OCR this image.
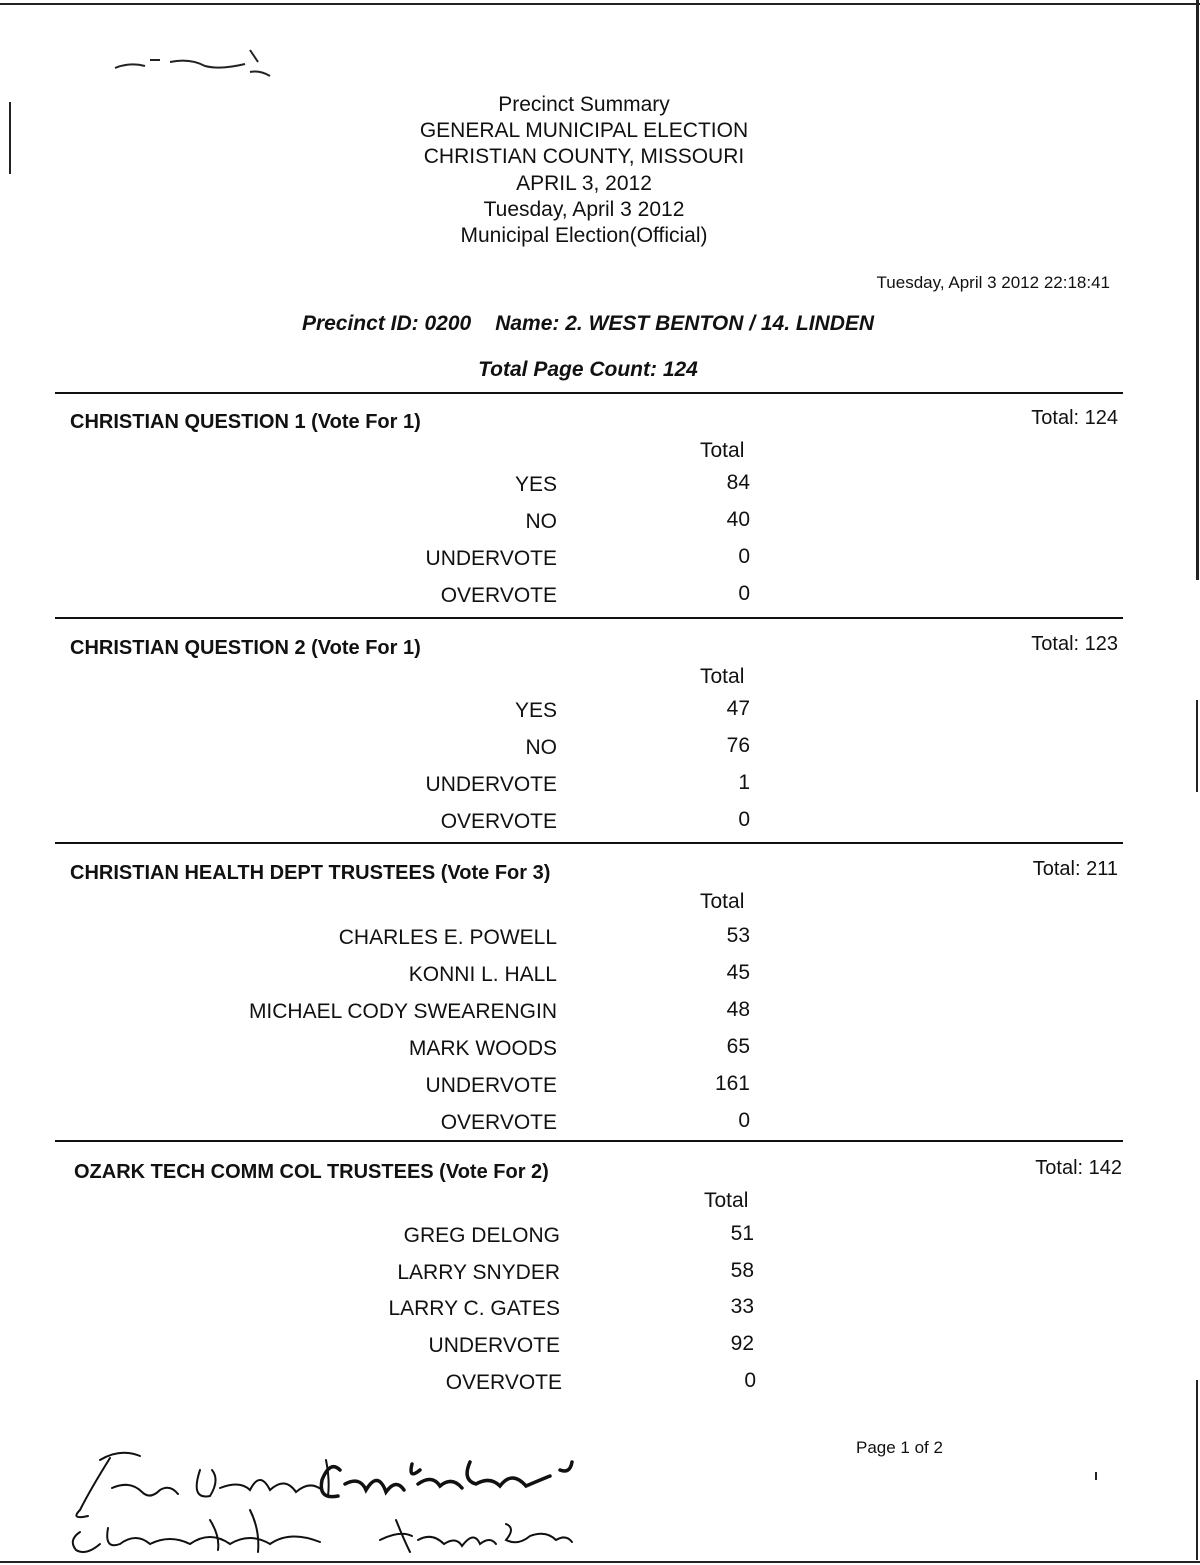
Precinct Summary
GENERAL MUNICIPAL ELECTION
CHRISTIAN COUNTY, MISSOURI
APRIL 3, 2012
Tuesday, April 3 2012
Municipal Election(Official)
Tuesday, April 3 2012 22:18:41
Precinct ID: 0200 Name: 2. WEST BENTON / 14. LINDEN
Total Page Count: 124
CHRISTIAN QUESTION 1 (Vote For 1)	Total: 124
Total
YES	84
NO	40
UNDERVOTE	0
OVERVOTE	0
CHRISTIAN QUESTION 2 (Vote For 1)	Total: 123
Total
YES	47
NO	76
UNDERVOTE	1
OVERVOTE	0
CHRISTIAN HEALTH DEPT TRUSTEES (Vote For 3)	Total: 211
Total
CHARLES E. POWELL	53
KONNI L. HALL	45
MICHAEL CODY SWEARENGIN	48
MARK WOODS	65
UNDERVOTE	161
OVERVOTE	0
OZARK TECH COMM COL TRUSTEES (Vote For 2)	Total: 142
Total
GREG DELONG	51
LARRY SNYDER	58
LARRY C. GATES	33
UNDERVOTE	92
OVERVOTE	0
Page 1 of 2
